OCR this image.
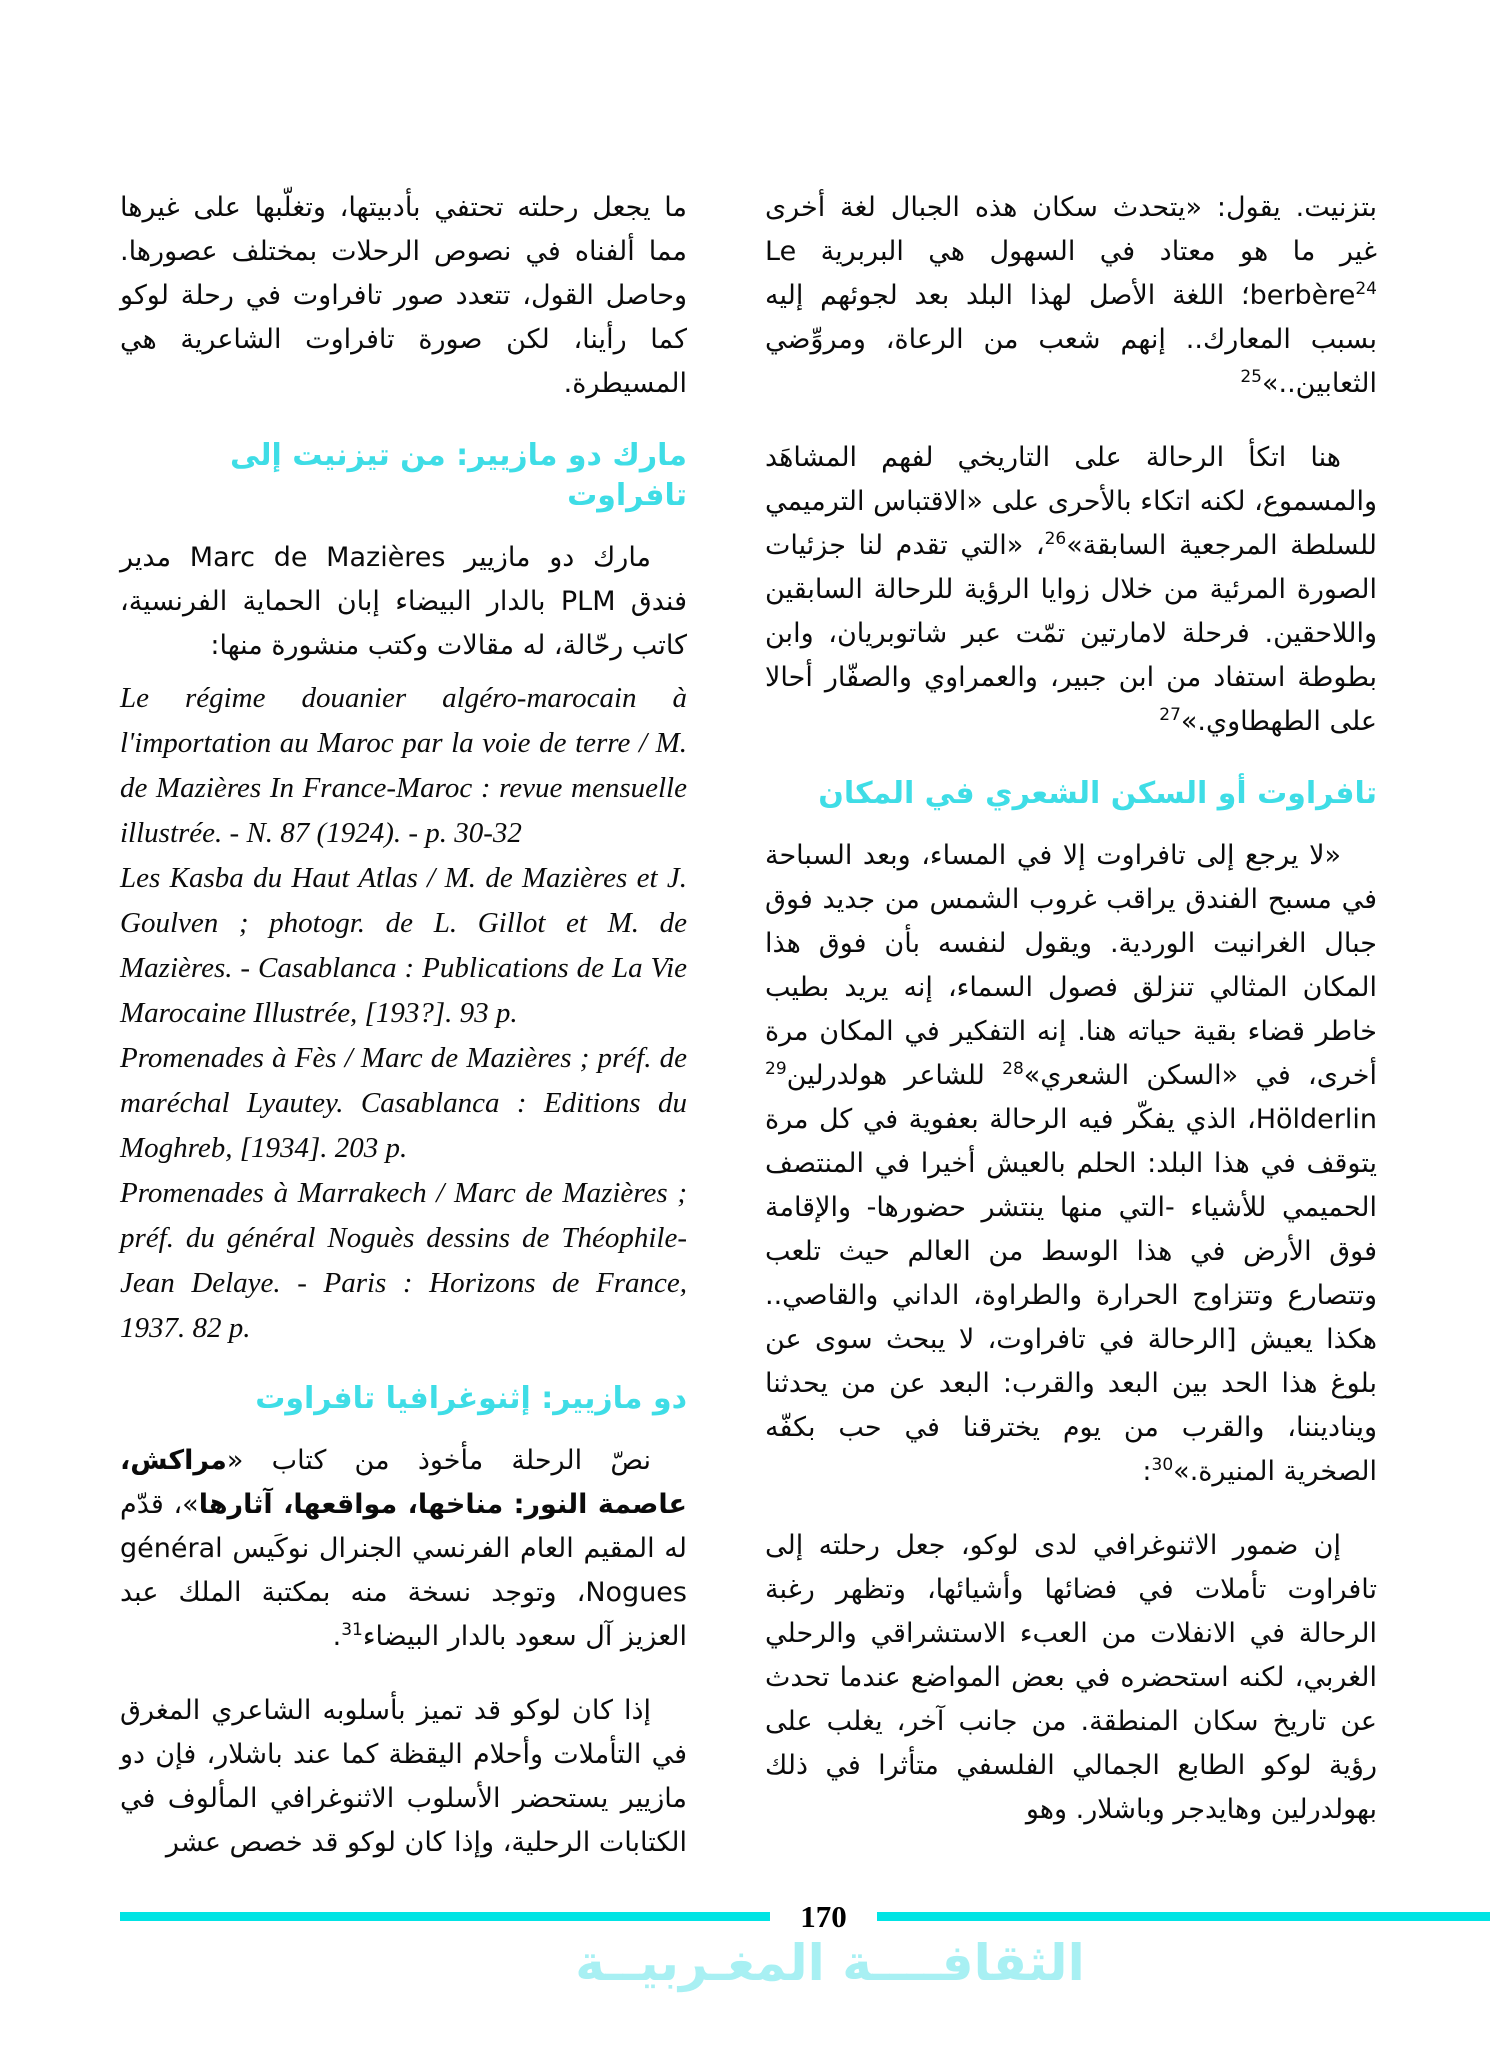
بتزنيت. يقول: «يتحدث سكان هذه الجبال لغة أخرى غير ما هو معتاد في السهول هي البربرية Le berbère$^{24}$؛ اللغة الأصل لهذا البلد بعد لجوئهم إليه بسبب المعارك.. إنهم شعب من الرعاة، ومروِّضي الثعابين..»$^{25}$

هنا اتكأ الرحالة على التاريخي لفهم المشاهَد والمسموع، لكنه اتكاء بالأحرى على «الاقتباس الترميمي للسلطة المرجعية السابقة»$^{26}$، «التي تقدم لنا جزئيات الصورة المرئية من خلال زوايا الرؤية للرحالة السابقين واللاحقين. فرحلة لامارتين تمّت عبر شاتوبريان، وابن بطوطة استفاد من ابن جبير، والعمراوي والصفّار أحالا على الطهطاوي.»$^{27}$

تافراوت أو السكن الشعري في المكان

«لا يرجع إلى تافراوت إلا في المساء، وبعد السباحة في مسبح الفندق يراقب غروب الشمس من جديد فوق جبال الغرانيت الوردية. ويقول لنفسه بأن فوق هذا المكان المثالي تنزلق فصول السماء، إنه يريد بطيب خاطر قضاء بقية حياته هنا. إنه التفكير في المكان مرة أخرى، في «السكن الشعري»$^{28}$ للشاعر هولدرلين$^{29}$ Hölderlin، الذي يفكّر فيه الرحالة بعفوية في كل مرة يتوقف في هذا البلد: الحلم بالعيش أخيرا في المنتصف الحميمي للأشياء -التي منها ينتشر حضورها- والإقامة فوق الأرض في هذا الوسط من العالم حيث تلعب وتتصارع وتتزاوج الحرارة والطراوة، الداني والقاصي.. هكذا يعيش [الرحالة في تافراوت، لا يبحث سوى عن بلوغ هذا الحد بين البعد والقرب: البعد عن من يحدثنا ويناديننا، والقرب من يوم يخترقنا في حب بكفّه الصخرية المنيرة.»$^{30}$:

إن ضمور الاثنوغرافي لدى لوكو، جعل رحلته إلى تافراوت تأملات في فضائها وأشيائها، وتظهر رغبة الرحالة في الانفلات من العبء الاستشراقي والرحلي الغربي، لكنه استحضره في بعض المواضع عندما تحدث عن تاريخ سكان المنطقة. من جانب آخر، يغلب على رؤية لوكو الطابع الجمالي الفلسفي متأثرا في ذلك بهولدرلين وهايدجر وباشلار. وهو

ما يجعل رحلته تحتفي بأدبيتها، وتغلّبها على غيرها مما ألفناه في نصوص الرحلات بمختلف عصورها. وحاصل القول، تتعدد صور تافراوت في رحلة لوكو كما رأينا، لكن صورة تافراوت الشاعرية هي المسيطرة.

مارك دو مازيير: من تيزنيت إلى تافراوت

مارك دو مازيير Marc de Mazières مدير فندق PLM بالدار البيضاء إبان الحماية الفرنسية، كاتب رحّالة، له مقالات وكتب منشورة منها:

Le régime douanier algéro-marocain à l'importation au Maroc par la voie de terre / M. de Mazières In France-Maroc : revue mensuelle illustrée. - N. 87 (1924). - p. 30-32

Les Kasba du Haut Atlas / M. de Mazières et J. Goulven ; photogr. de L. Gillot et M. de Mazières. - Casablanca : Publications de La Vie Marocaine Illustrée, [193?]. 93 p.

Promenades à Fès / Marc de Mazières ; préf. de maréchal Lyautey. Casablanca : Editions du Moghreb, [1934]. 203 p.

Promenades à Marrakech / Marc de Mazières ; préf. du général Noguès dessins de Théophile-Jean Delaye. - Paris : Horizons de France, 1937. 82 p.

دو مازيير: إثنوغرافيا تافراوت

نصّ الرحلة مأخوذ من كتاب «مراكش، عاصمة النور: مناخها، مواقعها، آثارها»، قدّم له المقيم العام الفرنسي الجنرال نوكَيس général Nogues، وتوجد نسخة منه بمكتبة الملك عبد العزيز آل سعود بالدار البيضاء$^{31}$.

إذا كان لوكو قد تميز بأسلوبه الشاعري المغرق في التأملات وأحلام اليقظة كما عند باشلار، فإن دو مازيير يستحضر الأسلوب الاثنوغرافي المألوف في الكتابات الرحلية، وإذا كان لوكو قد خصص عشر

170
الثقافــــة المغـربيــة
